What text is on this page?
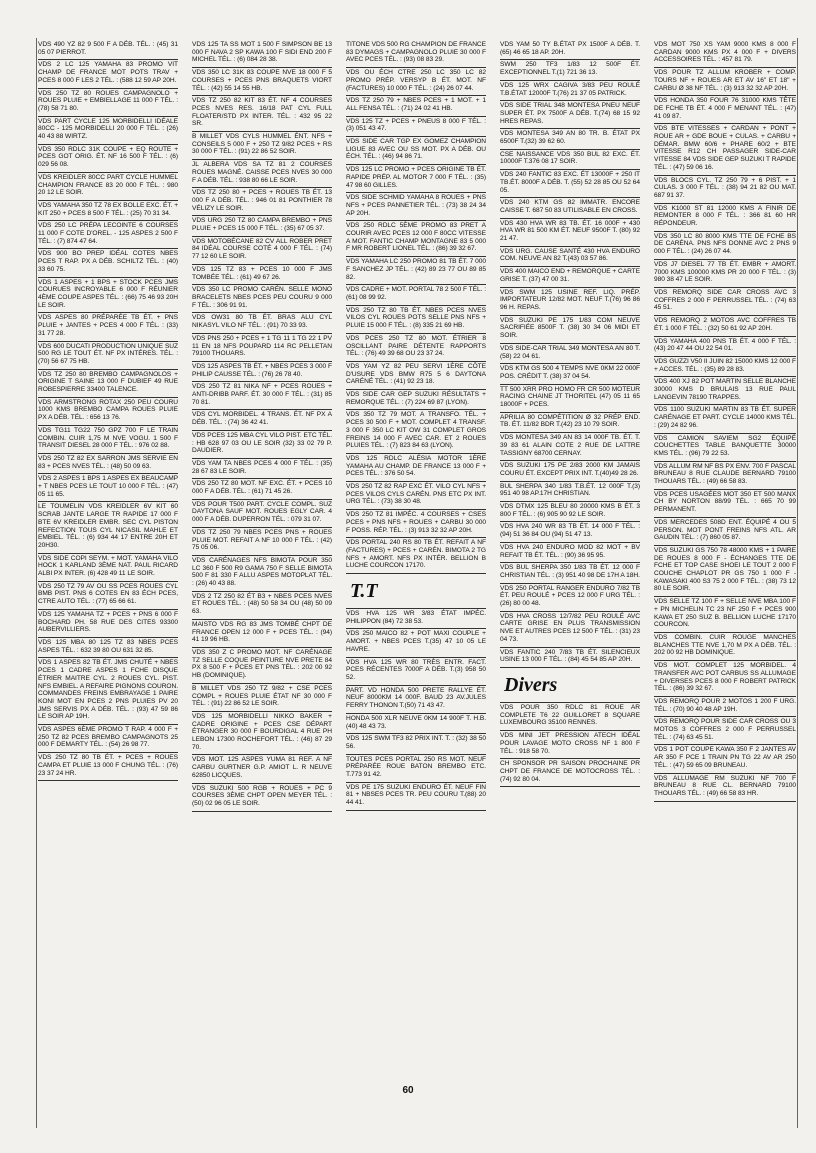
VDS 490 YZ 82 9 500 F A DÉB. TÉL. : (45) 31 05 07 PIERROT.
VDS 2 LC 125 YAMAHA 83 PROMO VIT CHAMP DE FRANCE MOT POTS TRAV + PCES 8 000 F LES 2 TÉL. : (588 12 59 AP 20H.
VDS 250 TZ 80 ROUES CAMPAGNOLO + ROUES PLUIE + EMBIELLAGE 11 000 F TÉL. : (78) 58 71 80.
VDS PART CYCLE 125 MORBIDELLI IDÉALE 80CC - 125 MORBIDELLI 20 000 F TÉL. : (26) 40 43 88 WIRTZ.
VDS 350 RDLC 31K COUPE + EQ ROUTE + PCES GOT ORIG. ÉT. NF 16 500 F TÉL. : (6) 029 56 08.
VDS KREIDLER 80CC PART CYCLE HUMMEL CHAMPION FRANCE 83 20 000 F TÉL. : 980 20 12 LE SOIR.
VDS YAMAHA 350 TZ 78 EX BOLLE EXC. ÉT. + KIT 250 + PCES 8 500 F TÉL. : (25) 70 31 34.
VDS 250 LC PRÉPA LECOINTE 6 COURSES 11 000 F COTE D'OREL. - 125 ASPES 2 500 F TÉL. : (7) 874 47 64.
VDS 900 BO PREP IDÉAL COTES NBES PCES T RAP. PX A DÉB. SCHILTZ TÉL. : (40) 33 60 75.
VDS 1 ASPES + 1 BPS + STOCK PCES JMS COURUES INCROYABLE 6 000 F RÉUNIER 4ÈME COUPE ASPES TÉL. : (66) 75 46 93 20H LE SOIR.
VDS ASPES 80 PRÉPARÉE TB ÉT. + PNS PLUIE + JANTES + PCES 4 000 F TÉL. : (33) 31 77 28.
VDS 600 DUCATI PRODUCTION UNIQUE SUZ 500 RG LE TOUT ÉT. NF PX INTÉRES. TÉL. : (70) 56 67 75 HB.
VDS TZ 250 80 BREMBO CAMPAGNOLOS + ORIGINE T SAINE 13 000 F DUBIEF 49 RUE ROBESPIERRE 33400 TALENCE.
VDS ARMSTRONG ROTAX 250 PEU COURU 1000 KMS BREMBO CAMPA ROUES PLUIE PX A DÉB. TÉL. : 656 13 76.
VDS TG11 TG22 750 GPZ 700 F LE TRAIN COMBIN. CUIR 1,75 M NVE VOGU. 1 500 F TRANSIT DIESEL 28 000 F TÉL. : 976 02 88.
VDS 250 TZ 82 EX SARRON JMS SERVIE EN 83 + PCES NVES TÉL. : (48) 50 09 63.
VDS 2 ASPES 1 BPS 1 ASPES EX BEAUCAMP + T NBES PCES LE TOUT 10 000 F TÉL. : (47) 05 11 65.
LE TOUMELIN VDS KREIDLER 6V KIT 60 SCRAB JANTE LARGE TR RAPIDE 17 000 F BTE 6V KREIDLER EMBR. SEC CYL PISTON REFECTION TOUS CYL NICASIL MAHLE ET EMBIEL. TÉL. : (6) 934 44 17 ENTRE 20H ET 20H30.
VDS SIDE COPI SEYM. + MOT. YAMAHA VILO HOCK 1 KARLAND 3ÈME NAT. PAUL RICARD ALBI PX INTER. (6) 428 49 11 LE SOIR.
VDS 250 TZ 79 AV OU SS PCES ROUES CYL BMB PIST. PNS 6 COTES EN 83 ÉCH PCES, CTRE AUTO TÉL. : (77) 65 66 61.
VDS 125 YAMAHA TZ + PCES + PNS 6 000 F BOCHARD PH. 58 RUE DES CITES 93300 AUBERVILLIERS.
VDS 125 MBA 80 125 TZ 83 NBES PCES ASPES TÉL. : 632 39 80 OU 631 32 85.
VDS 1 ASPES 82 TB ÉT. JMS CHUTÉ + NBES PCES 1 CADRE ASPES 1 FCHE DISQUE ÉTRIER MAITRE CYL. 2 ROUES CYL. PIST. NFS EMBIEL. A REFAIRE PIGNONS COURON. COMMANDES FREINS EMBRAYAGE 1 PAIRE KONI MOT EN PCES 2 PNS PLUIES PV 20 JMS SERVIS PX A DÉB. TÉL. : (93) 47 59 86 LE SOIR AP 19H.
VDS ASPES 6ÈME PROMO T RAP. 4 000 F + 250 TZ 82 PCES BREMBO CAMPAGNOTS 25 000 F DEMARTY TÉL. : (54) 26 98 77.
VDS 250 TZ 80 TB ÉT. + PCES + ROUES CAMPA ET PLUIE 13 000 F CHUNG TÉL. : (76) 23 37 24 HR.
VDS 125 TA SS MOT 1 500 F SIMPSON BE 13 000 F NAVA 2 SP KAWA 100 F SIDI END 200 F MICHEL TÉL. : (6) 084 28 38.
VDS 350 LC 31K 83 COUPE NVE 18 000 F 5 COURSES + PCES PNS BRAQUETS VIORT TÉL. : (42) 55 14 55 HB.
VDS TZ 250 82 KIT 83 ÉT. NF 4 COURSES PCES NVES RES. 16/18 PAT CYL FULL FLOATER/STD PX INTER. TÉL. : 432 95 22 SR.
B MILLET VDS CYLS HUMMEL ÉNT. NFS + CONSEILS 5 000 F + 250 TZ 9/82 PCES + RS 30 000 F TÉL. : (91) 22 86 52 SOIR.
JL ALBERA VDS SA TZ 81 2 COURSES ROUES MAGNÉ. CAISSE PCES NVES 30 000 F A DÉB. TÉL. : 938 80 66 LE SOIR.
VDS TZ 250 80 + PCES + ROUES TB ÉT. 13 000 F A DÉB. TÉL. : 946 01 81 PONTHIER 78 VÉLIZY LE SOIR.
VDS URG 250 TZ 80 CAMPA BREMBO + PNS PLUIE + PCES 15 000 F TÉL. : (35) 67 05 37.
VDS MOTOBÉCANE 82 CV ALL ROBER PRET 84 IDÉAL COURSE COTÉ 4 000 F TÉL. : (74) 77 12 60 LE SOIR.
VDS 125 TZ 83 + PCES 10 000 F JMS TOMBÉE TÉL. : (61) 49 67 26.
VDS 350 LC PROMO CARÉN. SELLE MONO BRACELETS NBES PCES PEU COURU 9 000 F TÉL. : 306 91 91.
VDS OW31 80 TB ÉT. BRAS ALU CYL NIKASYL VILO NF TÉL. : (91) 70 33 93.
VDS PNS 250 + PCES + 1 TG 11 1 TG 22 1 PV 11 EN 18 NFS POUPARD 114 RC PELLETAN 79100 THOUARS.
VDS 125 ASPES TB ÉT. + NBES PCES 3 000 F PHILIP CAUSSE TÉL. : (76) 26 78 40.
VDS 250 TZ 81 NIKA NF + PCES ROUES + ANTI-DRIBB PARF. ÉT. 30 000 F TÉL. : (31) 85 70 81.
VDS CYL MORBIDEL. 4 TRANS. ÉT. NF PX A DÉB. TÉL. : (74) 36 42 41.
VDS PCES 125 MBA CYL VILO PIST. ETC TÉL. : HB 628 97 03 OU LE SOIR (32) 33 02 79 P. DAUDIER.
VDS YAM TA NBES PCES 4 000 F TÉL. : (35) 28 67 83 LE SOIR.
VDS 250 TZ 80 MOT. NF EXC. ÉT. + PCES 10 000 F A DÉB. TÉL. : (61) 71 45 26.
VDS POUR T500 PART. CYCLE COMPL. SUZ DAYTONA SAUF MOT. ROUES EGLY CAR. 4 000 F A DÉB. DUPERRON TÉL. : 079 31 07.
VDS TZ 250 79 NBES PCES PNS + ROUES PLUIE MOT. REFAIT A NF 10 000 F TÉL. : (42) 75 05 06.
VDS CARÉNAGES NFS BIMOTA POUR 350 LC 360 F 500 R9 GAMA 750 F SELLE BIMOTA 500 F 81 330 F ALLU ASPES MOTOPLAT TÉL. : (26) 40 43 88.
VDS 2 TZ 250 82 ÉT B3 + NBES PCES NVES ET ROUES TÉL. : (48) 50 58 34 OU (48) 50 09 63.
MAISTO VDS RG 83 JMS TOMBÉ CHPT DE FRANCE OPEN 12 000 F + PCES TÉL. : (94) 41 19 96 HB.
VDS 350 Z C PROMO MOT. NF CARÉNAGE TZ SELLE COQUE PEINTURE NVE PRETE 84 PX 8 500 F + PCES ET PNS TÉL. : 202 00 92 HB (DOMINIQUE).
B MILLET VDS 250 TZ 9/82 + CSE PCES COMPL + ROUES PLUIE ÉTAT NF 30 000 F TÉL. : (91) 22 86 52 LE SOIR.
VDS 125 MORBIDELLI NIKKO BAKER + CADRE ORIGINE + PCES CSE DÉPART ÉTRANGER 30 000 F BOURDIGAL 4 RUE PH LEBON 17300 ROCHEFORT TÉL. : (46) 87 29 70.
VDS MOT. 125 ASPES YUMA 81 REF. A NF CARBU GURTNER G.P. AMIOT L. R NEUVE 62850 LICQUES.
VDS SUZUKI 500 RGB + ROUES + PC 9 COURSES 3ÈME CHPT OPEN MEYER TÉL. : (50) 02 96 05 LE SOIR.
TITONE VDS 500 RG CHAMPION DE FRANCE 83 DYMAGS + CAMPAGNOLO PLUIE 30 000 F AVEC PCES TÉL. : (93) 08 83 29.
VDS OU ÉCH CTRE 250 LC 350 LC 82 PROMO PRÉP. VERSYP B ÉT. MOT. NF (FACTURES) 10 000 F TÉL. : (24) 26 07 44.
VDS TZ 250 79 + NBES PCES + 1 MOT. + 1 ALL FENSA TÉL. : (71) 24 02 41 HB.
VDS 125 TZ + PCES + PNEUS 8 000 F TÉL. : (3) 051 43 47.
VDS SIDE CAR TGP EX GOMEZ CHAMPION LIGUE 83 AVEC OU SS MOT. PX A DÉB. OU ÉCH. TÉL. : (46) 94 86 71.
VDS 125 LC PROMO + PCES ORIGINE TB ÉT. RAPIDE PRÉP. AL MOTOR 7 000 F TÉL. : (35) 47 98 60 GILLES.
VDS SIDE SCHMID YAMAHA 8 ROUES + PNS NFS + PCES PANNETIER TÉL. : (73) 38 24 34 AP 20H.
VDS 250 RDLC 5ÈME PROMO 83 PRET A COURIR AVEC PCES 12 000 F 80CC VITESSE A MOT. FANTIC CHAMP MONTAGNE 83 5 000 F MR ROBERT LIONEL TÉL. : (86) 39 32 67.
VDS YAMAHA LC 250 PROMO 81 TB ÉT. 7 000 F SANCHEZ JP TÉL. : (42) 89 23 77 OU 89 85 82.
VDS CADRE + MOT. PORTAL 78 2 500 F TÉL. : (61) 08 99 92.
VDS 250 TZ 80 TB ÉT. NBES PCES NVES VILOS CYL ROUES POTS SELLE PNS NFS + PLUIE 15 000 F TÉL. : (8) 335 21 69 HB.
VDS PCES 250 TZ 80 MOT. ÉTRIER 8 OSCILLANT PAIRE DÉTENTE RAPPORTS TÉL. : (76) 49 39 68 OU 23 37 24.
VDS YAM YZ 82 PEU SERVI 1ÈRE CÔTE D'USURE VDS BMW R75 5 6 DAYTONA CARÉNÉ TÉL. : (41) 92 23 18.
VDS SIDE CAR GEP SUZUKI RÉSULTATS + REMORQUE TÉL. : (7) 224 69 87 (LYON).
VDS 350 TZ 79 MOT. A TRANSFO. TÉL. + PCES 30 500 F + MOT. COMPLET 4 TRANSF. 3 000 F 350 LC KIT OW 31 COMPLET GROS FREINS 14 000 F AVEC CAR. ET 2 ROUES PLUIES TÉL. : (7) 823 84 63 (LYON).
VDS 125 RDLC ALÉSIA MOTOR 1ÈRE YAMAHA AU CHAMP. DE FRANCE 13 000 F + PCES TÉL. : 376 50 54.
VDS 250 TZ 82 RAP EXC ÉT. VILO CYL NFS + PCES VILOS CYLS CARÉN. PNS ETC PX INT. URG TÉL. : (73) 38 30 48.
VDS 250 TZ 81 IMPÉC. 4 COURSES + CSES PCES + PNS NFS + ROUES + CARBU 30 000 F POSS. RÉP. TÉL. : (3) 913 32 32 AP 20H.
VDS PORTAL 240 RS 80 TB ÉT. REFAIT A NF (FACTURES) + PCES + CARÉN. BIMOTA 2 TG NFS + AMORT. NFS PX INTÉR. BELLION B LUCHE COURCON 17170.
T.T
VDS HVA 125 WR 3/83 ÉTAT IMPÉC. PHILIPPON (84) 72 38 53.
VDS 250 MAICO 82 + POT MAXI COUPLE + AMORT. + NBES PCES T.(35) 47 10 05 LE HAVRE.
VDS HVA 125 WR 80 TRÈS ENTR. FACT. PCES RÉCENTES 7000F A DÉB. T.(3) 958 50 52.
PART. VD HONDA 500 PRETE RALLYE ÉT. NEUF 8000KM 14 000F. BAUD 23 AV.JULES FERRY THONON T.(50) 71 43 47.
HONDA 500 XLR NEUVE 0KM 14 900F T. H.B. (40) 48 43 73.
VDS 125 SWM TF3 82 PRIX INT. T. : (32) 38 50 56.
TOUTES PCES PORTAL 250 RS MOT. NEUF PRÉPARÉE ROUE BATON BREMBO ETC. T.773 91 42.
VDS PE 175 SUZUKI ENDURO ÉT. NEUF FIN 81 + NBSES PCES TR. PEU COURU T.(88) 20 44 41.
VDS YAM 50 TY B.ÉTAT PX 1500F A DÉB. T. (65) 46 65 18 AP. 20H.
SWM 250 TF3 1/83 12 500F ÉT. EXCEPTIONNEL T.(1) 721 36 13.
VDS 125 WRX CAGIVA 3/83 PEU ROULÉ T.B.ÉTAT 12000F T.(76) 21 37 05 PATRICK.
VDS SIDE TRIAL 348 MONTESA PNEU NEUF SUPER ÉT. PX 7500F A DÉB. T.(74) 68 15 92 HRES REPAS.
VDS MONTESA 349 AN 80 TR. B. ÉTAT PX 6500F T.(32) 39 62 60.
CSE NAISSANCE VDS 350 BUL 82 EXC. ÉT. 10000F T.376 08 17 SOIR.
VDS 240 FANTIC 83 EXC. ÉT 13000F + 250 IT TB.ÉT. 8000F A DÉB. T. (55) 52 28 85 OU 52 64 05.
VDS 240 KTM GS 82 IMMATR. ENCORE CAISSE T. 687 50 83 UTILISABLE EN CROSS.
VDS 430 HVA WR 83 TB. ÉT. 16 000F + 430 HVA WR 81 500 KM ÉT. NEUF 9500F T. (80) 92 21 47.
VDS URG. CAUSE SANTÉ 430 HVA ENDURO COM. NEUVE AN 82 T.(43) 03 57 86.
VDS 400 MAICO END + REMORQUE + CARTE GRISE T. (37) 47 00 31.
VDS SWM 125 USINE REF. LIQ. PRÉP. IMPORTATEUR 12/82 MOT. NEUF T.(76) 96 86 96 H. REPAS.
VDS SUZUKI PE 175 1/83 COM NEUVE SACRIFIÉE 8500F T. (38) 30 34 06 MIDI ET SOIR.
VDS SIDE-CAR TRIAL 349 MONTESA AN 80 T. (58) 22 04 61.
VDS KTM GS 500 4 TEMPS NVE 0KM 22 000F POS. CRÉDIT T. (38) 37 04 54.
TT 500 XRR PRO HOMO FR CR 500 MOTEUR RACING CHAINE JT THORITEL (47) 05 11 65 18000F + PCES.
APRILIA 80 COMPÉTITION Ø 32 PRÉP END. TB. ÉT. 11/82 BDR T.(42) 23 10 79 SOIR.
VDS MONTESA 349 AN 83 14 000F TB. ÉT. T. 39 83 61 ALAIN COTE 2 RUE DE LATTRE TASSIGNY 68700 CERNAY.
VDS SUZUKI 175 PE 2/83 2000 KM JAMAIS COURU ÉT. EXCEPT PRIX INT. T.(40)49 28 26.
BUL SHERPA 340 1/83 T.B.ÉT. 12 000F T.(3) 951 40 98 AP.17H CHRISTIAN.
VDS DTMX 125 BLEU 80 20000 KMS B ÉT. 3 800 F TÉL. : (6) 905 90 92 LE SOIR.
VDS HVA 240 WR 83 TB ÉT. 14 000 F TÉL. : (94) 51 36 84 OU (94) 51 47 13.
VDS HVA 240 ENDURO MOD 82 MOT + BV REFAIT TB ÉT. TÉL. : (90) 36 95 95.
VDS BUL SHERPA 350 1/83 TB ÉT. 12 000 F CHRISTIAN TÉL. : (3) 951 40 98 DE 17H A 18H.
VDS 250 PORTAL RANGER ENDURO 7/82 TB ÉT. PEU ROULÉ + PCES 12 000 F URG TÉL. : (26) 80 00 48.
VDS HVA CROSS 12/7/82 PEU ROULÉ AVC CARTE GRISE EN PLUS TRANSMISSION NVE ET AUTRES PCES 12 500 F TÉL. : (31) 23 04 73.
VDS FANTIC 240 7/83 TB ÉT. SILENCIEUX USINE 13 000 F TÉL. : (84) 45 54 85 AP 20H.
Divers
VDS POUR 350 RDLC 81 ROUE AR COMPLETE T6 22 GUILLORET 8 SQUARE LUXEMBOURG 35100 RENNES.
VDS MINI JET PRESSION ATECH IDÉAL POUR LAVAGE MOTO CROSS NF 1 800 F TÉL. : 918 58 70.
CH SPONSOR PR SAISON PROCHAINE PR CHPT DE FRANCE DE MOTOCROSS TÉL. : (74) 92 80 04.
VDS MOT 750 XS YAM 9000 KMS 8 000 F CARDAN 9000 KMS PX 4 000 F + DIVERS ACCESSOIRES TÉL. : 457 81 79.
VDS POUR TZ ALLUM KROBER + COMP. TOURS NF + ROUES AR ET AV 16" ET 18" + CARBU Ø 38 NF TÉL. : (3) 913 32 32 AP 20H.
VDS HONDA 350 FOUR 76 31000 KMS TÊTE DE FCHE TB ÉT. 4 000 F MENANT TÉL. : (47) 41 09 87.
VDS BTE VITESSES + CARDAN + PONT + ROUE AR + GDE BOUE + CULAS. + CARBU + DÉMAR. BMW 60/6 + PHARE 60/2 + BTE VITESSE R12 CH PASSAGER SIDE-CAR VITESSE 84 VDS SIDE GEP SUZUKI T RAPIDE TÉL. : (47) 59 06 16.
VDS BLOCS CYL. TZ 250 79 + 6 PIST. + 1 CULAS. 3 000 F TÉL. : (38) 94 21 82 OU MAT. 687 91 37.
VDS K1000 ST 81 12000 KMS A FINIR DE REMONTER 8 000 F TÉL. : 366 81 60 HR RÉPONDEUR.
VDS 350 LC 80 8000 KMS TTE DE FCHE BS DE CARÉNA. PNS NFS DONNE AVC 2 PNS 9 000 F TÉL. : (24) 26 07 44.
VDS J7 DIESEL 77 TB ÉT. EMBR + AMORT. 7000 KMS 100000 KMS PR 20 000 F TÉL. : (3) 980 38 47 LE SOIR.
VDS REMORQ SIDE CAR CROSS AVC 3 COFFRES 2 000 F PERRUSSEL TÉL. : (74) 63 45 51.
VDS REMORQ 2 MOTOS AVC COFFRES TB ÉT. 1 000 F TÉL. : (32) 50 61 92 AP 20H.
VDS YAMAHA 400 PNS TB ÉT. 4 000 F TÉL. : (43) 20 47 44 OU 22 54 01.
VDS GUZZI V50 II JUIN 82 15000 KMS 12 000 F + ACCES. TÉL. : (35) 89 28 83.
VDS 400 XJ 82 POT MARTIN SELLE BLANCHE 30000 KMS D BRULAIS 13 RUE PAUL LANGEVIN 78190 TRAPPES.
VDS 1100 SUZUKI MARTIN 83 TB ÉT. SUPER CARÉNAGE ET PART. CYCLE 14000 KMS TÉL. : (29) 24 82 96.
VDS CAMION SAVIEM SG2 ÉQUIPÉ COUCHETTES TABLE BANQUETTE 30000 KMS TÉL. : (96) 79 22 53.
VDS ALLUM RM NF BS PX ENV. 700 F PASCAL BRUNEAU 8 RUE CLAUDE BERNARD 79100 THOUARS TÉL. : (49) 66 58 83.
VDS PCES USAGÉES MOT 350 ET 500 MANX CH BY NORTON 88/99 TÉL. : 665 70 99 PERMANENT.
VDS MERCEDES 508D ENT. ÉQUIPÉ 4 OU 5 PERSON. MOT PONT FREINS NFS ATL. AR GAUDIN TÉL. : (7) 860 05 87.
VDS SUZUKI GS 750 78 48000 KMS + 1 PAIRE DE ROUES 8 000 F - ÉCHANGES TTE DE FCHE ET TOP CASE SHOEI LE TOUT 2 000 F COUCHE CHAPLOT PR GS 750 1 000 F - KAWASAKI 400 S3 75 2 000 F TÉL. : (38) 73 12 80 LE SOIR.
VDS SELLE TZ 100 F + SELLE NVE MBA 100 F + PN MICHELIN TC 23 NF 250 F + PCES 900 KAWA ET 250 SUZ B. BELLION LUCHE 17170 COURCON.
VDS COMBIN. CUIR ROUGE MANCHES BLANCHES TTE NVE 1,70 M PX A DÉB. TÉL. : 202 00 92 HB DOMINIQUE.
VDS MOT. COMPLET 125 MORBIDEL. 4 TRANSFER AVC POT CARBUS SS ALLUMAGE + DIVERSES PCES 8 000 F ROBERT PATRICK TÉL. : (86) 39 32 67.
VDS REMORQ POUR 2 MOTOS 1 200 F URG. TÉL. : (70) 90 40 48 AP 19H.
VDS REMORQ POUR SIDE CAR CROSS OU 3 MOTOS 3 COFFRES 2 000 F PERRUSSEL TÉL. : (74) 63 45 51.
VDS 1 POT COUPE KAWA 350 F 2 JANTES AV AR 350 F PCE 1 TRAIN PN TG 22 AV AR 250 TÉL. : (47) 59 65 09 BRUNEAU.
VDS ALLUMAGE RM SUZUKI NF 700 F BRUNEAU 8 RUE CL. BERNARD 79100 THOUARS TÉL. : (49) 66 58 83 HR.
60
